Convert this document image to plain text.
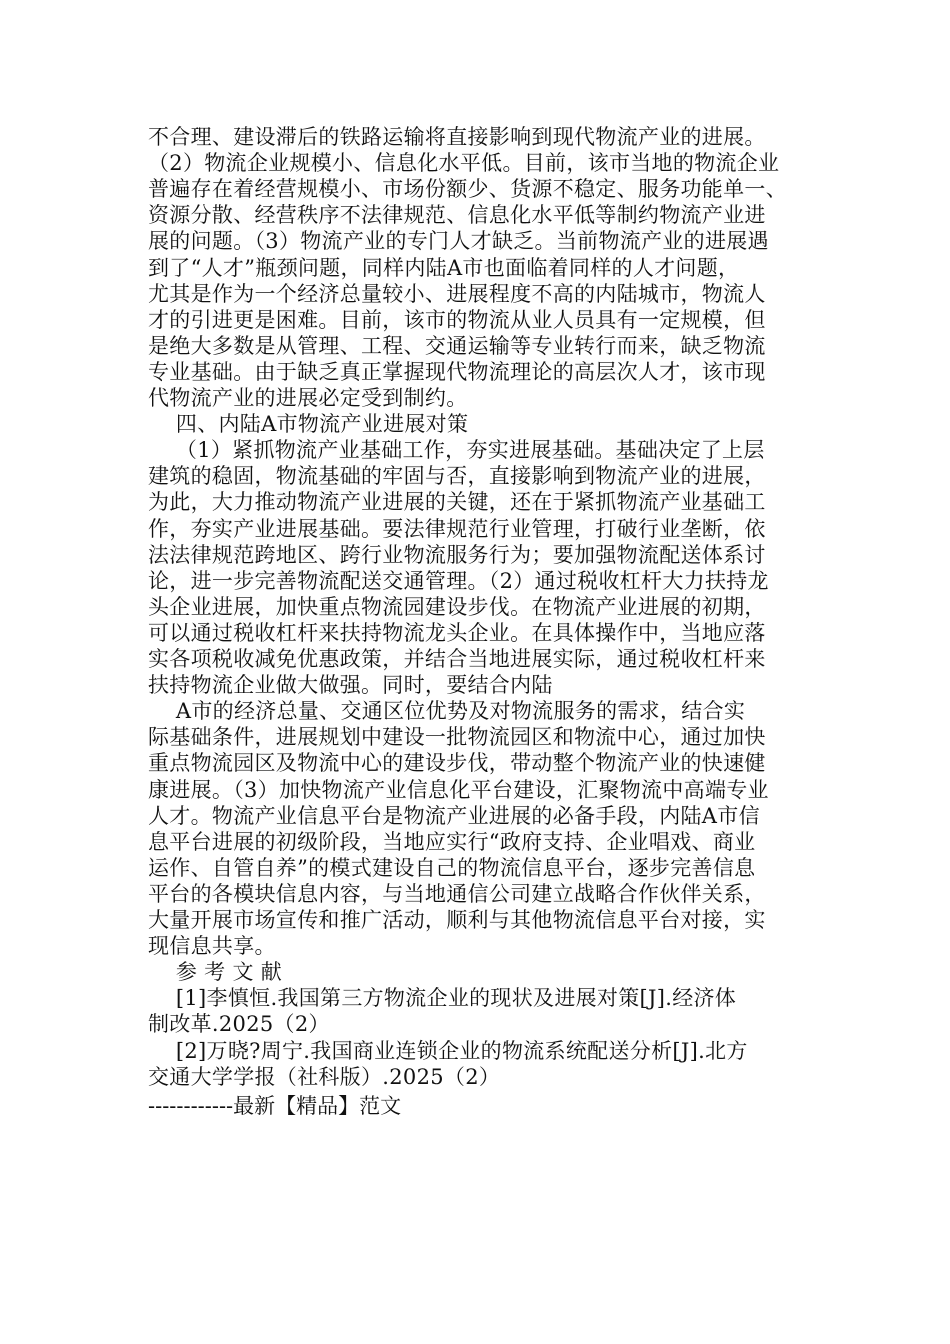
不合理、建设滞后的铁路运输将直接影响到现代物流产业的进展。
（2）物流企业规模小、信息化水平低。目前，该市当地的物流企业
普遍存在着经营规模小、市场份额少、货源不稳定、服务功能单一、
资源分散、经营秩序不法律规范、信息化水平低等制约物流产业进
展的问题。（3）物流产业的专门人才缺乏。当前物流产业的进展遇
到了“人才”瓶颈问题，同样内陆A市也面临着同样的人才问题，
尤其是作为一个经济总量较小、进展程度不高的内陆城市，物流人
才的引进更是困难。目前，该市的物流从业人员具有一定规模，但
是绝大多数是从管理、工程、交通运输等专业转行而来，缺乏物流
专业基础。由于缺乏真正掌握现代物流理论的高层次人才，该市现
代物流产业的进展必定受到制约。
四、内陆A市物流产业进展对策
（1）紧抓物流产业基础工作，夯实进展基础。基础决定了上层
建筑的稳固，物流基础的牢固与否，直接影响到物流产业的进展，
为此，大力推动物流产业进展的关键，还在于紧抓物流产业基础工
作，夯实产业进展基础。要法律规范行业管理，打破行业垄断，依
法法律规范跨地区、跨行业物流服务行为；要加强物流配送体系讨
论，进一步完善物流配送交通管理。（2）通过税收杠杆大力扶持龙
头企业进展，加快重点物流园建设步伐。在物流产业进展的初期，
可以通过税收杠杆来扶持物流龙头企业。在具体操作中，当地应落
实各项税收减免优惠政策，并结合当地进展实际，通过税收杠杆来
扶持物流企业做大做强。同时，要结合内陆
A市的经济总量、交通区位优势及对物流服务的需求，结合实
际基础条件，进展规划中建设一批物流园区和物流中心，通过加快
重点物流园区及物流中心的建设步伐，带动整个物流产业的快速健
康进展。（3）加快物流产业信息化平台建设，汇聚物流中高端专业
人才。物流产业信息平台是物流产业进展的必备手段，内陆A市信
息平台进展的初级阶段，当地应实行“政府支持、企业唱戏、商业
运作、自管自养”的模式建设自己的物流信息平台，逐步完善信息
平台的各模块信息内容，与当地通信公司建立战略合作伙伴关系，
大量开展市场宣传和推广活动，顺利与其他物流信息平台对接，实
现信息共享。
参 考 文 献
[1]李慎恒.我国第三方物流企业的现状及进展对策[J].经济体
制改革.2025（2）
[2]万晓?周宁.我国商业连锁企业的物流系统配送分析[J].北方
交通大学学报（社科版）.2025（2）
------------最新【精品】范文
